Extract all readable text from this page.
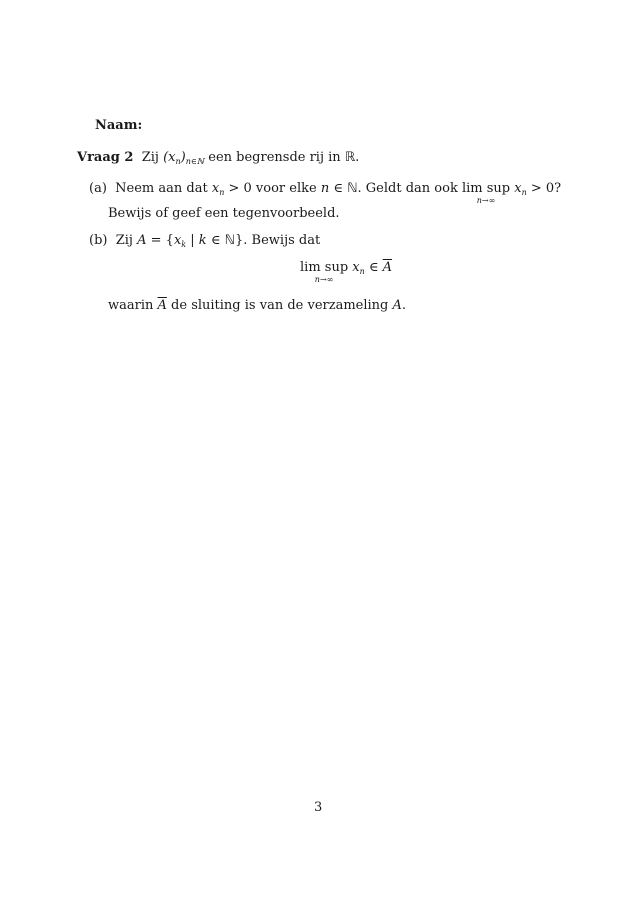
Naam:
Vraag 2 Zij $(x_n)_{n\in ℕ}$ een begrensde rij in ℝ.
(a) Neem aan dat $x_n > 0$ voor elke n ∈ ℕ. Geldt dan ook lim sup
n→∞
$x_n > 0$?
Bewijs of geef een tegenvoorbeeld.
(b) Zij $A = \{x_k$ | k ∈ ℕ}. Bewijs dat
lim sup
n→∞
$x_n$ ∈ $\overline{A}$
waarin $\overline{A}$ de sluiting is van de verzameling A.
3
